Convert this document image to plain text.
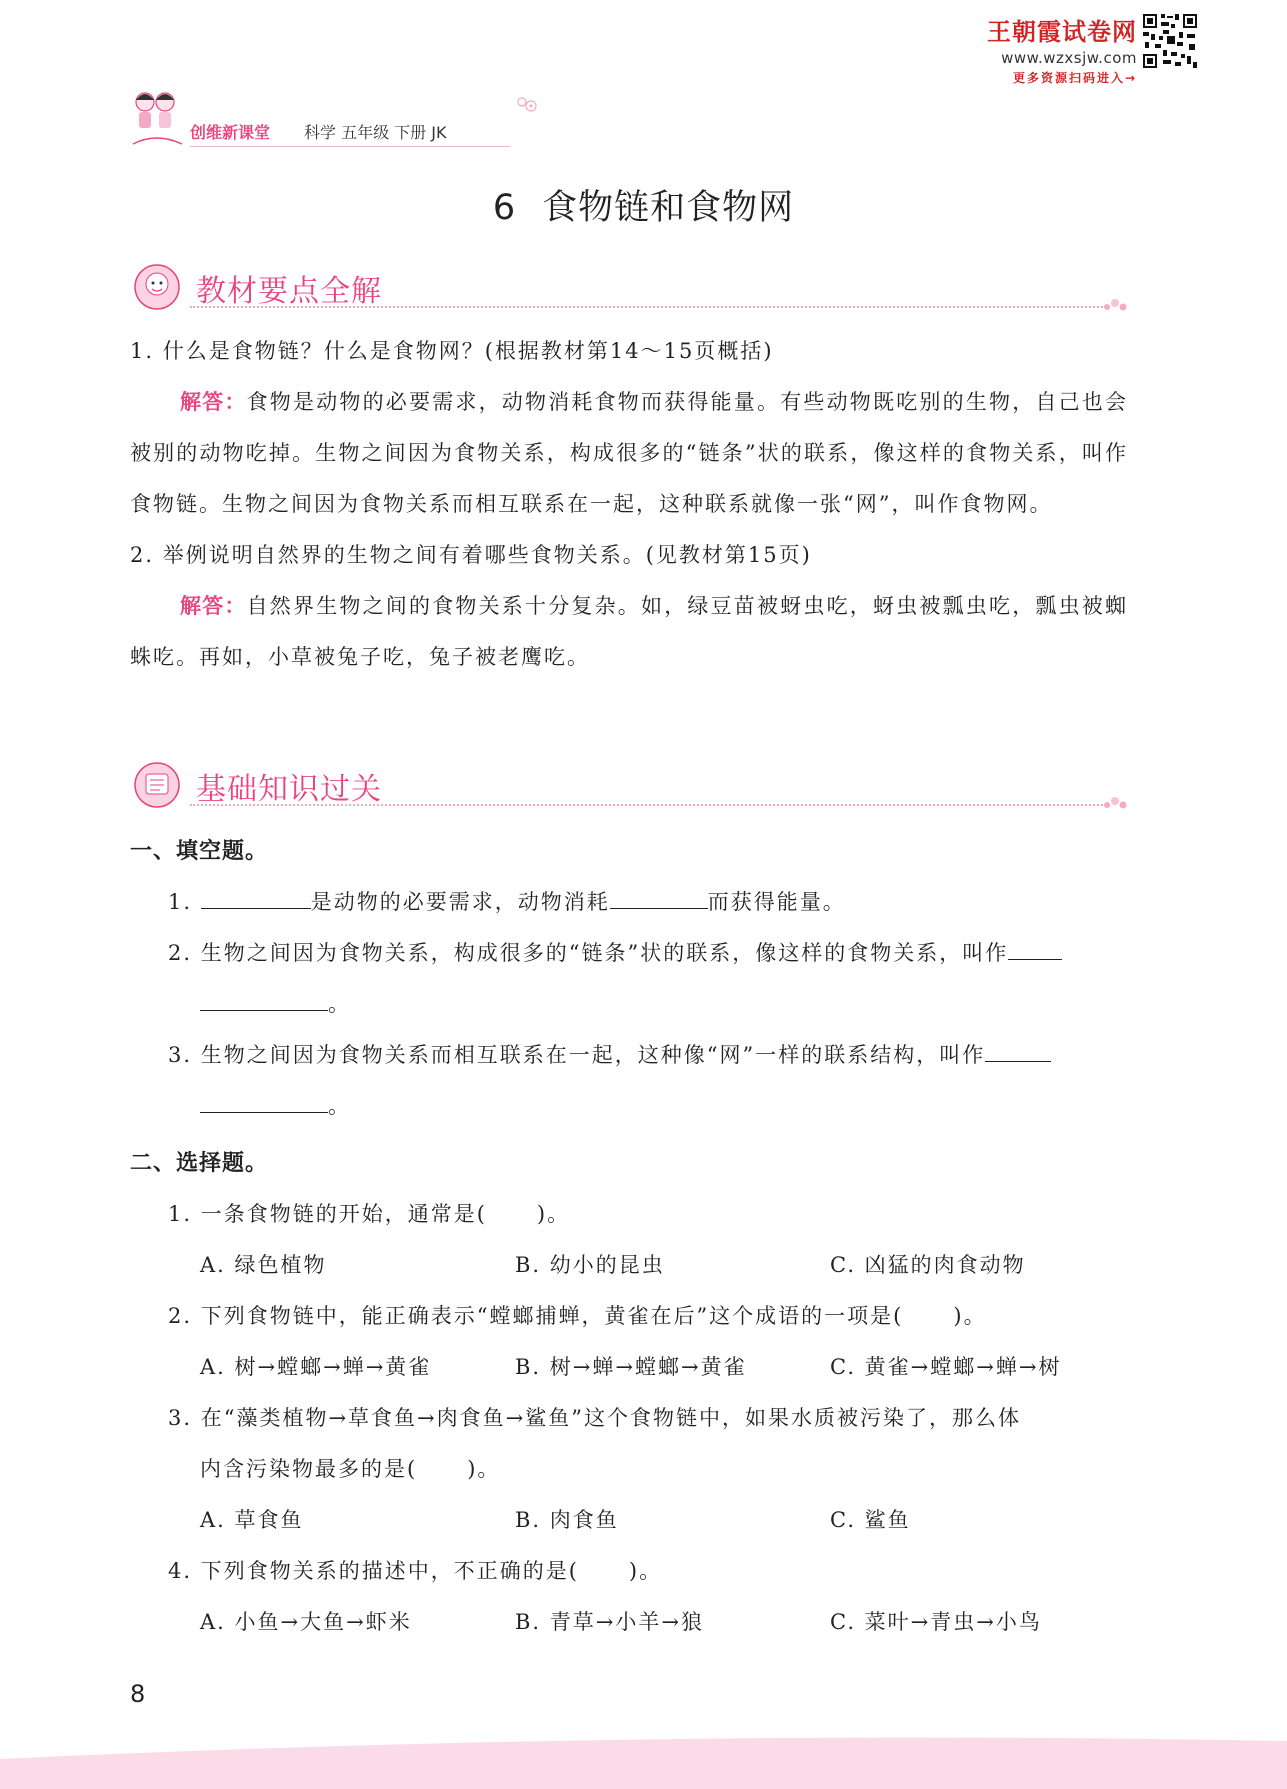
王朝霞试卷网
www.wzxsjw.com
更多资源扫码进入→
创维新课堂 科学 五年级 下册 JK
6 食物链和食物网
教材要点全解

1. 什么是食物链？什么是食物网？(根据教材第14～15页概括)

解答：食物是动物的必要需求，动物消耗食物而获得能量。有些动物既吃别的生物，自己也会被别的动物吃掉。生物之间因为食物关系，构成很多的“链条”状的联系，像这样的食物关系，叫作食物链。生物之间因为食物关系而相互联系在一起，这种联系就像一张“网”，叫作食物网。

2. 举例说明自然界的生物之间有着哪些食物关系。(见教材第15页)

解答：自然界生物之间的食物关系十分复杂。如，绿豆苗被蚜虫吃，蚜虫被瓢虫吃，瓢虫被蜘蛛吃。再如，小草被兔子吃，兔子被老鹰吃。

基础知识过关

一、填空题。

1.	是动物的必要需求，动物消耗	而获得能量。

2. 生物之间因为食物关系，构成很多的“链条”状的联系，像这样的食物关系，叫作

。

3. 生物之间因为食物关系而相互联系在一起，这种像“网”一样的联系结构，叫作

。

二、选择题。

1. 一条食物链的开始，通常是( )。

A. 绿色植物	B. 幼小的昆虫	C. 凶猛的肉食动物

2. 下列食物链中，能正确表示“螳螂捕蝉，黄雀在后”这个成语的一项是( )。

A. 树→螳螂→蝉→黄雀	B. 树→蝉→螳螂→黄雀	C. 黄雀→螳螂→蝉→树

3. 在“藻类植物→草食鱼→肉食鱼→鲨鱼”这个食物链中，如果水质被污染了，那么体

内含污染物最多的是( )。

A. 草食鱼	B. 肉食鱼	C. 鲨鱼

4. 下列食物关系的描述中，不正确的是( )。

A. 小鱼→大鱼→虾米	B. 青草→小羊→狼	C. 菜叶→青虫→小鸟

8
